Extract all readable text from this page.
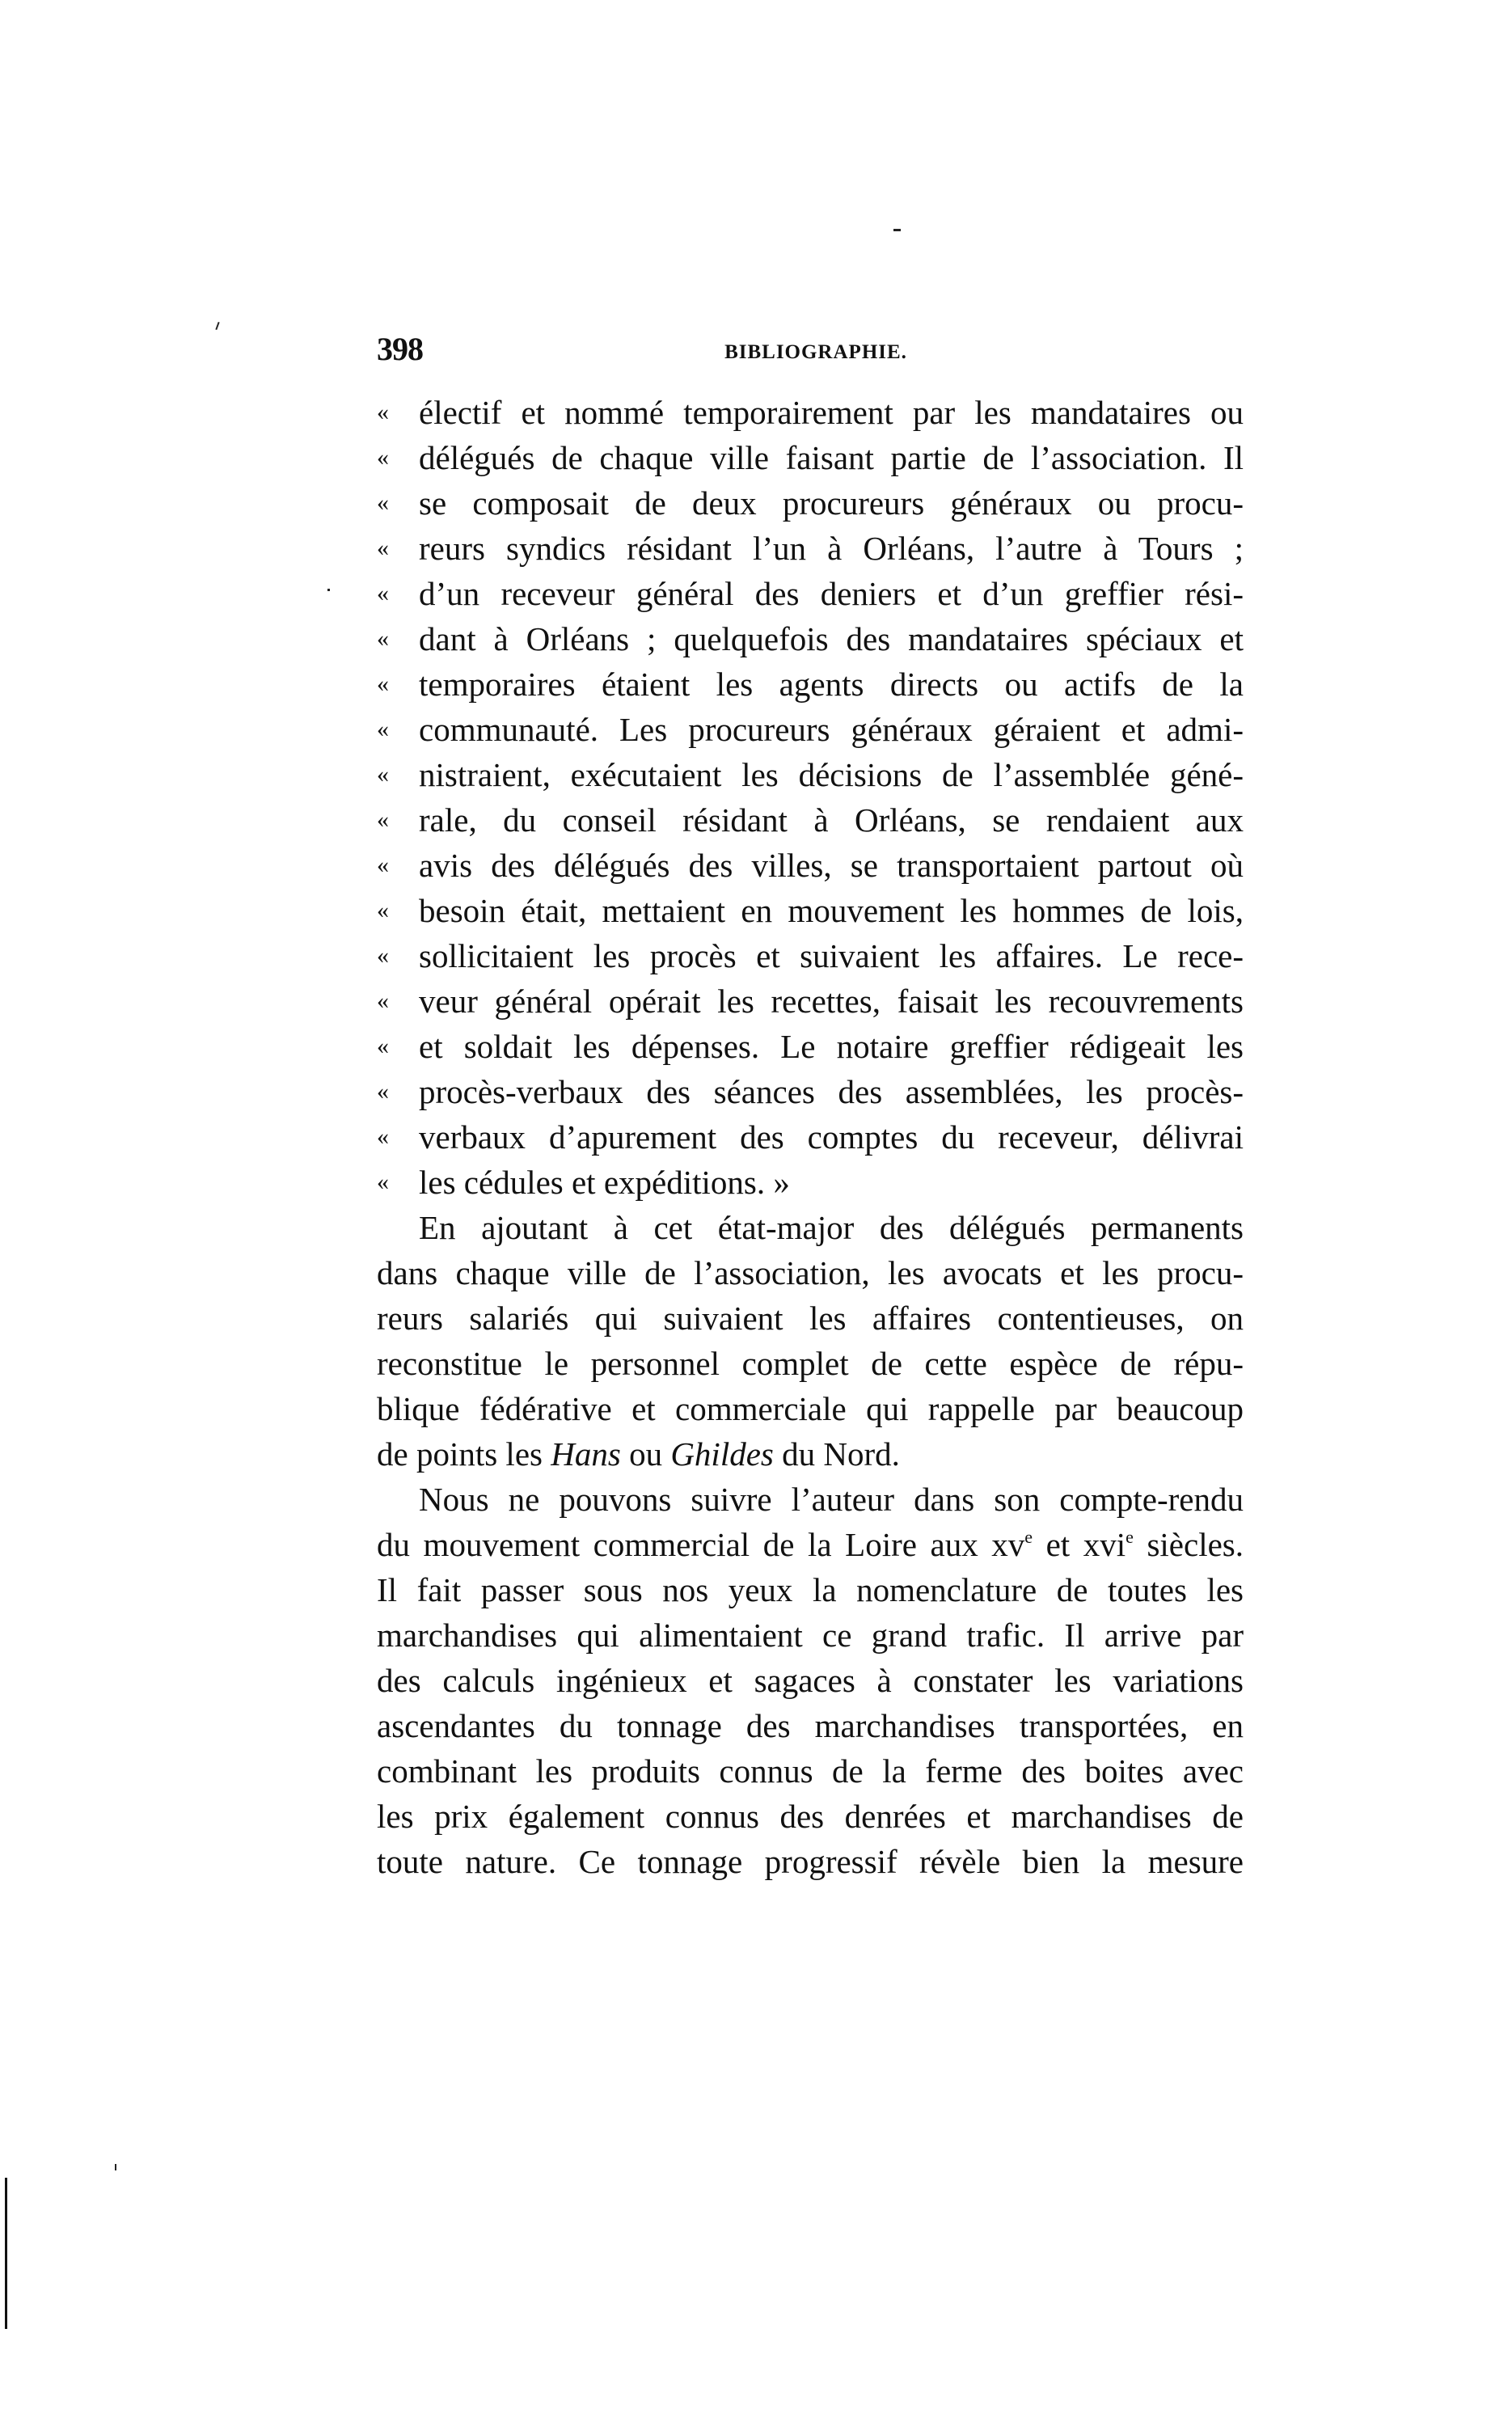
398	BIBLIOGRAPHIE.
« électif et nommé temporairement par les mandataires ou
« délégués de chaque ville faisant partie de l’association. Il
« se composait de deux procureurs généraux ou procu-
« reurs syndics résidant l’un à Orléans, l’autre à Tours ;
« d’un receveur général des deniers et d’un greffier rési-
« dant à Orléans ; quelquefois des mandataires spéciaux et
« temporaires étaient les agents directs ou actifs de la
« communauté. Les procureurs généraux géraient et admi-
« nistraient, exécutaient les décisions de l’assemblée géné-
« rale, du conseil résidant à Orléans, se rendaient aux
« avis des délégués des villes, se transportaient partout où
« besoin était, mettaient en mouvement les hommes de lois,
« sollicitaient les procès et suivaient les affaires. Le rece-
« veur général opérait les recettes, faisait les recouvrements
« et soldait les dépenses. Le notaire greffier rédigeait les
« procès-verbaux des séances des assemblées, les procès-
« verbaux d’apurement des comptes du receveur, délivrai
« les cédules et expéditions. »
En ajoutant à cet état-major des délégués permanents
dans chaque ville de l’association, les avocats et les procu-
reurs salariés qui suivaient les affaires contentieuses, on
reconstitue le personnel complet de cette espèce de répu-
blique fédérative et commerciale qui rappelle par beaucoup
de points les Hans ou Ghildes du Nord.
Nous ne pouvons suivre l’auteur dans son compte-rendu
du mouvement commercial de la Loire aux $xv^e$ et xvi$^e$ siècles.
Il fait passer sous nos yeux la nomenclature de toutes les
marchandises qui alimentaient ce grand trafic. Il arrive par
des calculs ingénieux et sagaces à constater les variations
ascendantes du tonnage des marchandises transportées, en
combinant les produits connus de la ferme des boites avec
les prix également connus des denrées et marchandises de
toute nature. Ce tonnage progressif révèle bien la mesure
